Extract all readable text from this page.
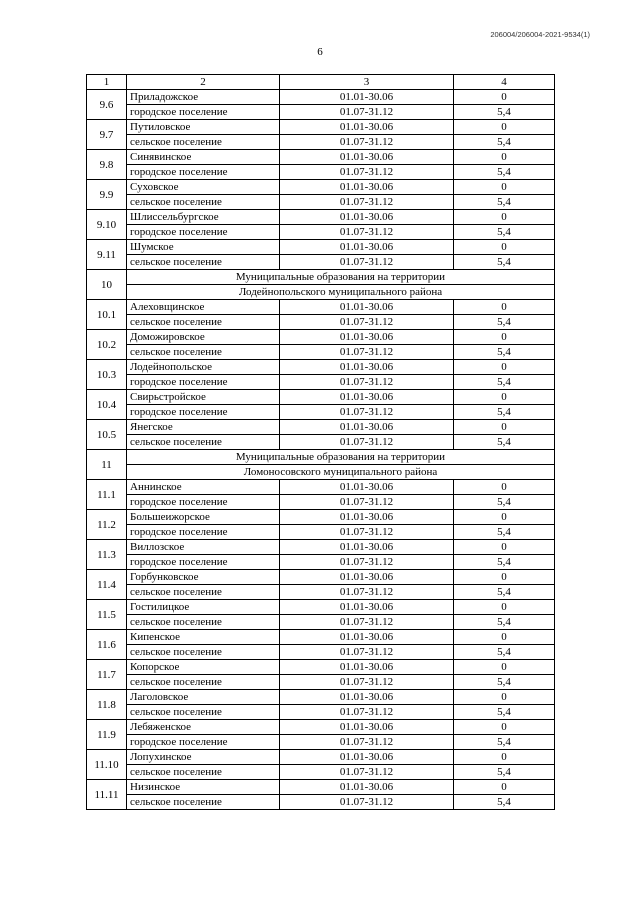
206004/206004-2021-9534(1)
6
1	2	3	4
9.6	Приладожское	01.01-30.06	0
	городское поселение	01.07-31.12	5,4
9.7	Путиловское	01.01-30.06	0
	сельское поселение	01.07-31.12	5,4
9.8	Синявинское	01.01-30.06	0
	городское поселение	01.07-31.12	5,4
9.9	Суховское	01.01-30.06	0
	сельское поселение	01.07-31.12	5,4
9.10	Шлиссельбургское	01.01-30.06	0
	городское поселение	01.07-31.12	5,4
9.11	Шумское	01.01-30.06	0
	сельское поселение	01.07-31.12	5,4
10	Муниципальные образования на территории		
	Лодейнопольского муниципального района		
10.1	Алеховщинское	01.01-30.06	0
	сельское поселение	01.07-31.12	5,4
10.2	Доможировское	01.01-30.06	0
	сельское поселение	01.07-31.12	5,4
10.3	Лодейнопольское	01.01-30.06	0
	городское поселение	01.07-31.12	5,4
10.4	Свирьстройское	01.01-30.06	0
	городское поселение	01.07-31.12	5,4
10.5	Янегское	01.01-30.06	0
	сельское поселение	01.07-31.12	5,4
11	Муниципальные образования на территории		
	Ломоносовского муниципального района		
11.1	Аннинское	01.01-30.06	0
	городское поселение	01.07-31.12	5,4
11.2	Большеижорское	01.01-30.06	0
	городское поселение	01.07-31.12	5,4
11.3	Виллозское	01.01-30.06	0
	городское поселение	01.07-31.12	5,4
11.4	Горбунковское	01.01-30.06	0
	сельское поселение	01.07-31.12	5,4
11.5	Гостилицкое	01.01-30.06	0
	сельское поселение	01.07-31.12	5,4
11.6	Кипенское	01.01-30.06	0
	сельское поселение	01.07-31.12	5,4
11.7	Копорское	01.01-30.06	0
	сельское поселение	01.07-31.12	5,4
11.8	Лаголовское	01.01-30.06	0
	сельское поселение	01.07-31.12	5,4
11.9	Лебяженское	01.01-30.06	0
	городское поселение	01.07-31.12	5,4
11.10	Лопухинское	01.01-30.06	0
	сельское поселение	01.07-31.12	5,4
11.11	Низинское	01.01-30.06	0
	сельское поселение	01.07-31.12	5,4
